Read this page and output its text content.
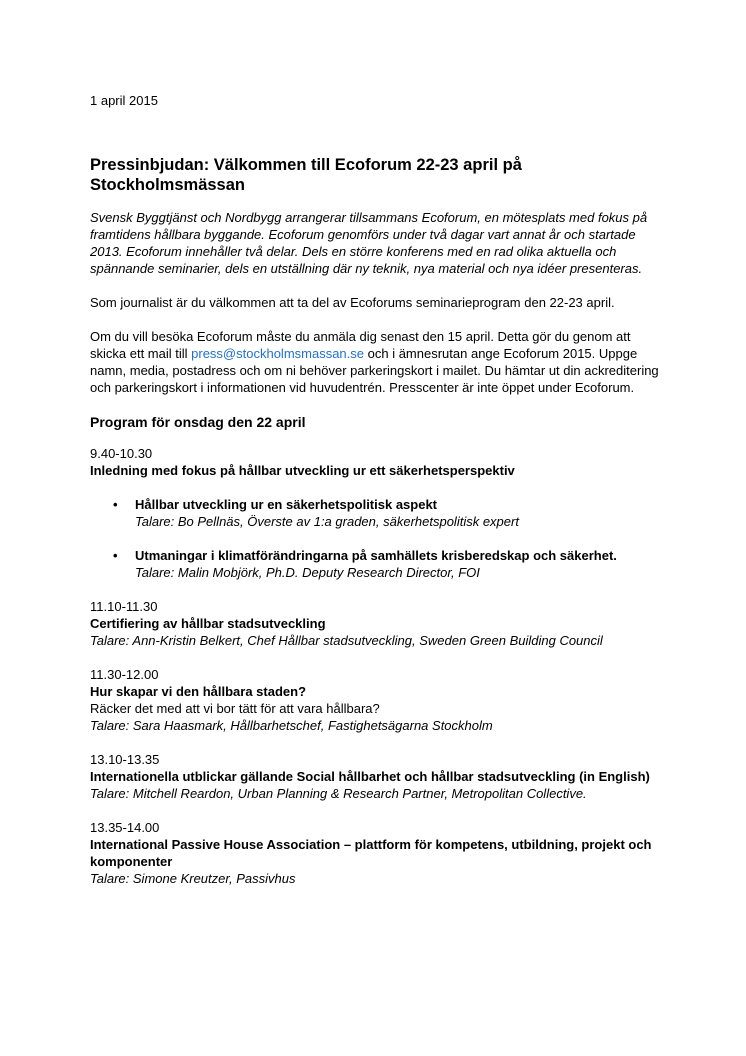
1 april 2015

Pressinbjudan: Välkommen till Ecoforum 22-23 april på Stockholmsmässan

Svensk Byggtjänst och Nordbygg arrangerar tillsammans Ecoforum, en mötesplats med fokus på framtidens hållbara byggande. Ecoforum genomförs under två dagar vart annat år och startade 2013. Ecoforum innehåller två delar. Dels en större konferens med en rad olika aktuella och spännande seminarier, dels en utställning där ny teknik, nya material och nya idéer presenteras.

Som journalist är du välkommen att ta del av Ecoforums seminarieprogram den 22-23 april.

Om du vill besöka Ecoforum måste du anmäla dig senast den 15 april. Detta gör du genom att skicka ett mail till press@stockholmsmassan.se och i ämnesrutan ange Ecoforum 2015. Uppge namn, media, postadress och om ni behöver parkeringskort i mailet. Du hämtar ut din ackreditering och parkeringskort i informationen vid huvudentrén. Presscenter är inte öppet under Ecoforum.

Program för onsdag den 22 april

9.40-10.30

Inledning med fokus på hållbar utveckling ur ett säkerhetsperspektiv

• Hållbar utveckling ur en säkerhetspolitisk aspekt

Talare: Bo Pellnäs, Överste av 1:a graden, säkerhetspolitisk expert

• Utmaningar i klimatförändringarna på samhällets krisberedskap och säkerhet.

Talare: Malin Mobjörk, Ph.D. Deputy Research Director, FOI

11.10-11.30

Certifiering av hållbar stadsutveckling

Talare: Ann-Kristin Belkert, Chef Hållbar stadsutveckling, Sweden Green Building Council

11.30-12.00

Hur skapar vi den hållbara staden?

Räcker det med att vi bor tätt för att vara hållbara?

Talare: Sara Haasmark, Hållbarhetschef, Fastighetsägarna Stockholm

13.10-13.35

Internationella utblickar gällande Social hållbarhet och hållbar stadsutveckling (in English)

Talare: Mitchell Reardon, Urban Planning & Research Partner, Metropolitan Collective.

13.35-14.00

International Passive House Association – plattform för kompetens, utbildning, projekt och komponenter

Talare: Simone Kreutzer, Passivhus
